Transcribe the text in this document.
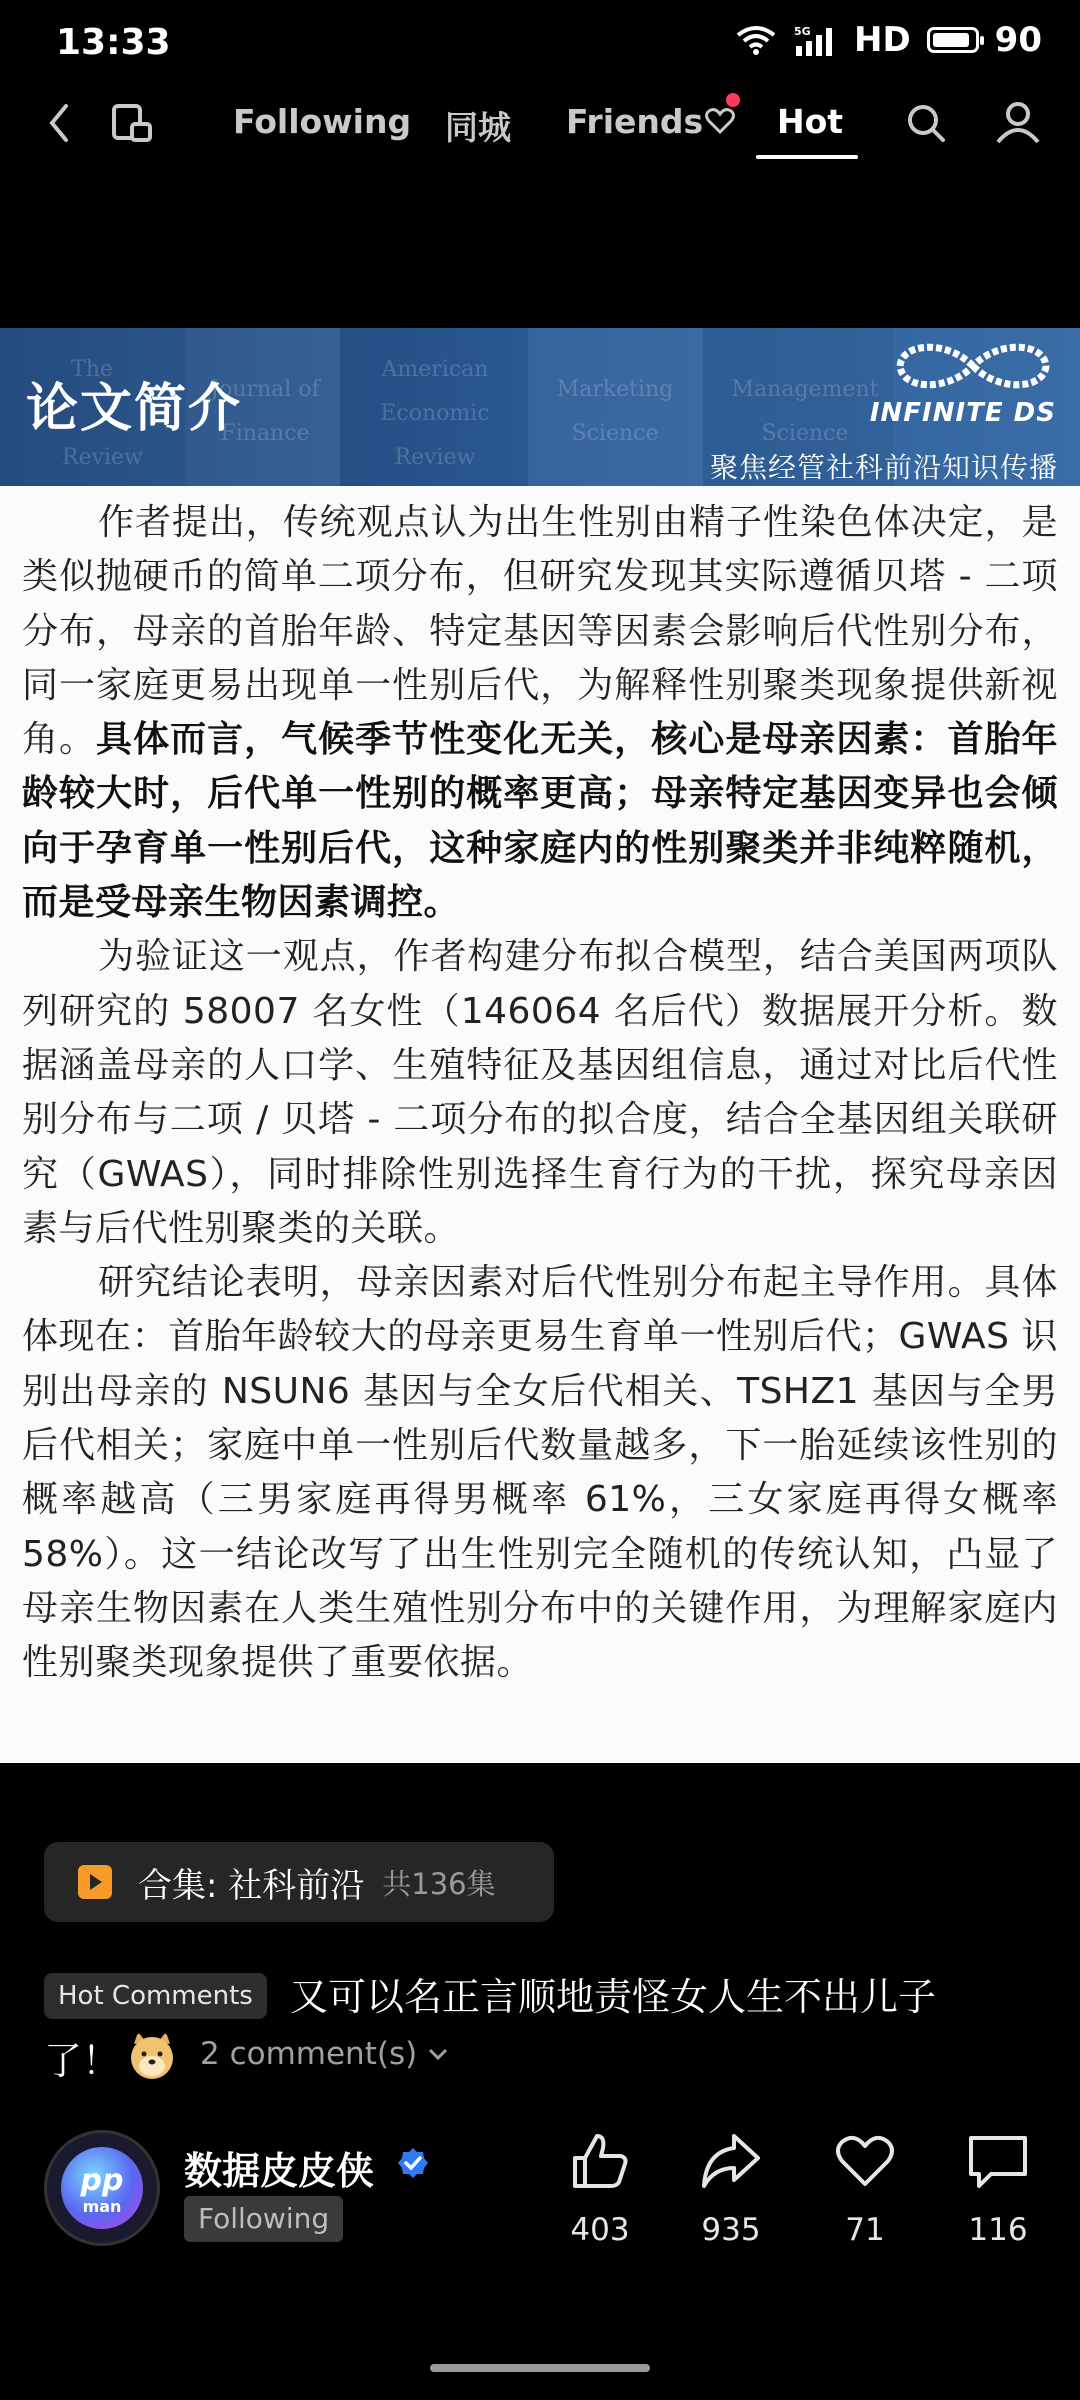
13:33	5G HD 90
Following 同城 Friends	Hot
The

Review
Journal of
Finance
American
Economic
Review
Marketing
Science
Management
Science
论文简介	INFINITE DS
聚焦经管社科前沿知识传播

作者提出，传统观点认为出生性别由精子性染色体决定，是类似抛硬币的简单二项分布，但研究发现其实际遵循贝塔 - 二项分布，母亲的首胎年龄、特定基因等因素会影响后代性别分布，同一家庭更易出现单一性别后代，为解释性别聚类现象提供新视角。具体而言，气候季节性变化无关，核心是母亲因素：首胎年龄较大时，后代单一性别的概率更高；母亲特定基因变异也会倾向于孕育单一性别后代，这种家庭内的性别聚类并非纯粹随机，而是受母亲生物因素调控。

为验证这一观点，作者构建分布拟合模型，结合美国两项队列研究的 58007 名女性（146064 名后代）数据展开分析。数据涵盖母亲的人口学、生殖特征及基因组信息，通过对比后代性别分布与二项 / 贝塔 - 二项分布的拟合度，结合全基因组关联研究（GWAS），同时排除性别选择生育行为的干扰，探究母亲因素与后代性别聚类的关联。

研究结论表明，母亲因素对后代性别分布起主导作用。具体体现在：首胎年龄较大的母亲更易生育单一性别后代；GWAS 识别出母亲的 NSUN6 基因与全女后代相关、TSHZ1 基因与全男后代相关；家庭中单一性别后代数量越多，下一胎延续该性别的概率越高（三男家庭再得男概率 61%，三女家庭再得女概率 58%）。这一结论改写了出生性别完全随机的传统认知，凸显了母亲生物因素在人类生殖性别分布中的关键作用，为理解家庭内性别聚类现象提供了重要依据。

合集: 社科前沿 共136集
Hot Comments 又可以名正言顺地责怪女人生不出儿子
了！	2 comment(s)
pp
man
数据皮皮侠
Following	403	935	71	116
